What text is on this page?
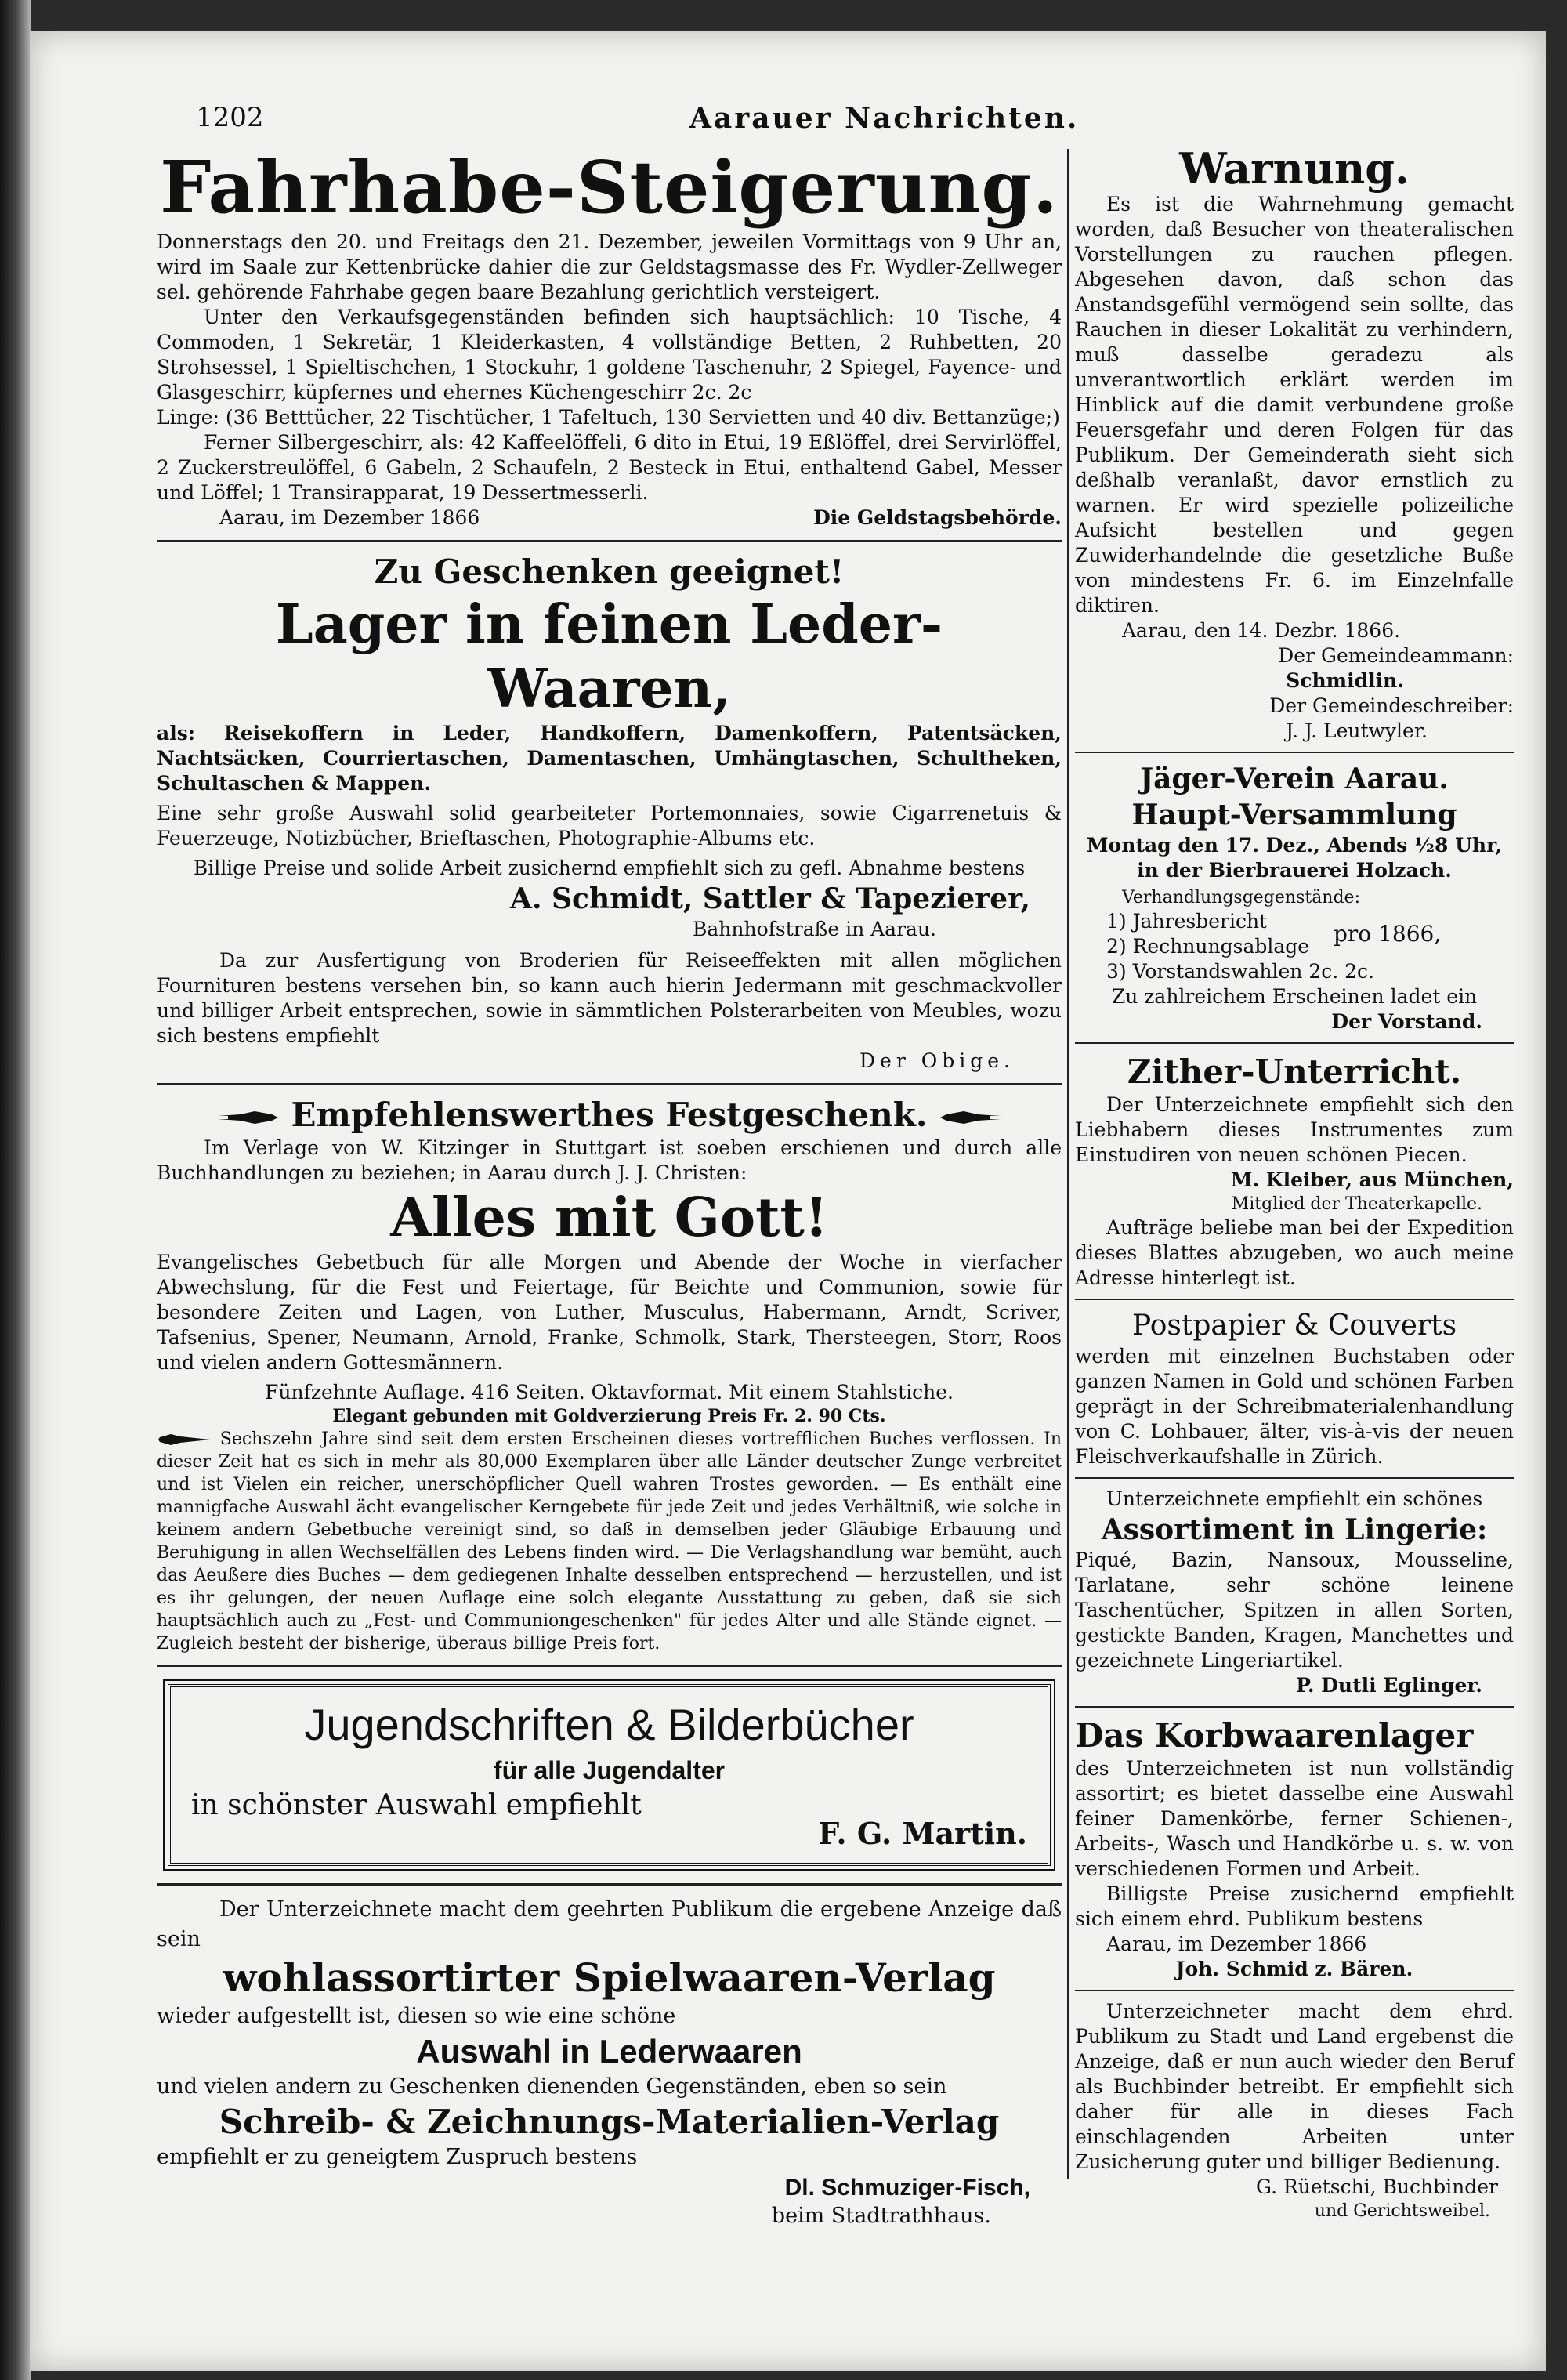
1202	Aarauer Nachrichten.
Fahrhabe-Steigerung.

Donnerstags den 20. und Freitags den 21. Dezember, jeweilen Vormittags von 9 Uhr an, wird im Saale zur Kettenbrücke dahier die zur Geldstagsmasse des Fr. Wydler-Zellweger sel. gehörende Fahrhabe gegen baare Bezahlung gerichtlich versteigert.

Unter den Verkaufsgegenständen befinden sich hauptsächlich: 10 Tische, 4 Commoden, 1 Sekretär, 1 Kleiderkasten, 4 vollständige Betten, 2 Ruhbetten, 20 Strohsessel, 1 Spieltischchen, 1 Stockuhr, 1 goldene Taschenuhr, 2 Spiegel, Fayence- und Glasgeschirr, küpfernes und ehernes Küchengeschirr 2c. 2c

Linge: (36 Betttücher, 22 Tischtücher, 1 Tafeltuch, 130 Servietten und 40 div. Bettanzüge;)

Ferner Silbergeschirr, als: 42 Kaffeelöffeli, 6 dito in Etui, 19 Eßlöffel, drei Servirlöffel, 2 Zuckerstreulöffel, 6 Gabeln, 2 Schaufeln, 2 Besteck in Etui, enthaltend Gabel, Messer und Löffel; 1 Transirapparat, 19 Dessertmesserli.

Aarau, im Dezember 1866	Die Geldstagsbehörde.

Zu Geschenken geeignet!
Lager in feinen Leder-Waaren,

als: Reisekoffern in Leder, Handkoffern, Damenkoffern, Patentsäcken, Nachtsäcken, Courriertaschen, Damentaschen, Umhängtaschen, Schultheken, Schultaschen & Mappen.

Eine sehr große Auswahl solid gearbeiteter Portemonnaies, sowie Cigarrenetuis & Feuerzeuge, Notizbücher, Brieftaschen, Photographie-Albums etc.

Billige Preise und solide Arbeit zusichernd empfiehlt sich zu gefl. Abnahme bestens

A. Schmidt, Sattler & Tapezierer,

Bahnhofstraße in Aarau.

Da zur Ausfertigung von Broderien für Reiseeffekten mit allen möglichen Fournituren bestens versehen bin, so kann auch hierin Jedermann mit geschmackvoller und billiger Arbeit entsprechen, sowie in sämmtlichen Polsterarbeiten von Meubles, wozu sich bestens empfiehlt

Der Obige.

Empfehlenswerthes Festgeschenk.

Im Verlage von W. Kitzinger in Stuttgart ist soeben erschienen und durch alle Buchhandlungen zu beziehen; in Aarau durch J. J. Christen:

Alles mit Gott!

Evangelisches Gebetbuch für alle Morgen und Abende der Woche in vierfacher Abwechslung, für die Fest und Feiertage, für Beichte und Communion, sowie für besondere Zeiten und Lagen, von Luther, Musculus, Habermann, Arndt, Scriver, Tafsenius, Spener, Neumann, Arnold, Franke, Schmolk, Stark, Thersteegen, Storr, Roos und vielen andern Gottesmännern.

Fünfzehnte Auflage. 416 Seiten. Oktavformat. Mit einem Stahlstiche.

Elegant gebunden mit Goldverzierung Preis Fr. 2. 90 Cts.

Sechszehn Jahre sind seit dem ersten Erscheinen dieses vortrefflichen Buches verflossen. In dieser Zeit hat es sich in mehr als 80,000 Exemplaren über alle Länder deutscher Zunge verbreitet und ist Vielen ein reicher, unerschöpflicher Quell wahren Trostes geworden. — Es enthält eine mannigfache Auswahl ächt evangelischer Kerngebete für jede Zeit und jedes Verhältniß, wie solche in keinem andern Gebetbuche vereinigt sind, so daß in demselben jeder Gläubige Erbauung und Beruhigung in allen Wechselfällen des Lebens finden wird. — Die Verlagshandlung war bemüht, auch das Aeußere dies Buches — dem gediegenen Inhalte desselben entsprechend — herzustellen, und ist es ihr gelungen, der neuen Auflage eine solch elegante Ausstattung zu geben, daß sie sich hauptsächlich auch zu „Fest- und Communiongeschenken" für jedes Alter und alle Stände eignet. — Zugleich besteht der bisherige, überaus billige Preis fort.

Jugendschriften & Bilderbücher
für alle Jugendalter
in schönster Auswahl empfiehlt
F. G. Martin.

Der Unterzeichnete macht dem geehrten Publikum die ergebene Anzeige daß sein

wohlassortirter Spielwaaren-Verlag

wieder aufgestellt ist, diesen so wie eine schöne

Auswahl in Lederwaaren

und vielen andern zu Geschenken dienenden Gegenständen, eben so sein

Schreib- & Zeichnungs-Materialien-Verlag

empfiehlt er zu geneigtem Zuspruch bestens

Dl. Schmuziger-Fisch,

beim Stadtrathhaus.

Warnung.

Es ist die Wahrnehmung gemacht worden, daß Besucher von theateralischen Vorstellungen zu rauchen pflegen. Abgesehen davon, daß schon das Anstandsgefühl vermögend sein sollte, das Rauchen in dieser Lokalität zu verhindern, muß dasselbe geradezu als unverantwortlich erklärt werden im Hinblick auf die damit verbundene große Feuersgefahr und deren Folgen für das Publikum. Der Gemeinderath sieht sich deßhalb veranlaßt, davor ernstlich zu warnen. Er wird spezielle polizeiliche Aufsicht bestellen und gegen Zuwiderhandelnde die gesetzliche Buße von mindestens Fr. 6. im Einzelnfalle diktiren.

Aarau, den 14. Dezbr. 1866.

Der Gemeindeammann:

Schmidlin.

Der Gemeindeschreiber:

J. J. Leutwyler.

Jäger-Verein Aarau.
Haupt-Versammlung

Montag den 17. Dez., Abends ½8 Uhr, in der Bierbrauerei Holzach.

Verhandlungsgegenstände:

1) Jahresbericht

2) Rechnungsablage

3) Vorstandswahlen 2c. 2c.

pro 1866,

Zu zahlreichem Erscheinen ladet ein

Der Vorstand.

Zither-Unterricht.

Der Unterzeichnete empfiehlt sich den Liebhabern dieses Instrumentes zum Einstudiren von neuen schönen Piecen.

M. Kleiber, aus München,

Mitglied der Theaterkapelle.

Aufträge beliebe man bei der Expedition dieses Blattes abzugeben, wo auch meine Adresse hinterlegt ist.

Postpapier & Couverts

werden mit einzelnen Buchstaben oder ganzen Namen in Gold und schönen Farben geprägt in der Schreibmaterialenhandlung von C. Lohbauer, älter, vis-à-vis der neuen Fleischverkaufshalle in Zürich.

Unterzeichnete empfiehlt ein schönes

Assortiment in Lingerie:

Piqué, Bazin, Nansoux, Mousseline, Tarlatane, sehr schöne leinene Taschentücher, Spitzen in allen Sorten, gestickte Banden, Kragen, Manchettes und gezeichnete Lingeriartikel.

P. Dutli Eglinger.

Das Korbwaarenlager

des Unterzeichneten ist nun vollständig assortirt; es bietet dasselbe eine Auswahl feiner Damenkörbe, ferner Schienen-, Arbeits-, Wasch und Handkörbe u. s. w. von verschiedenen Formen und Arbeit.

Billigste Preise zusichernd empfiehlt sich einem ehrd. Publikum bestens

Aarau, im Dezember 1866

Joh. Schmid z. Bären.

Unterzeichneter macht dem ehrd. Publikum zu Stadt und Land ergebenst die Anzeige, daß er nun auch wieder den Beruf als Buchbinder betreibt. Er empfiehlt sich daher für alle in dieses Fach einschlagenden Arbeiten unter Zusicherung guter und billiger Bedienung.

G. Rüetschi, Buchbinder

und Gerichtsweibel.
